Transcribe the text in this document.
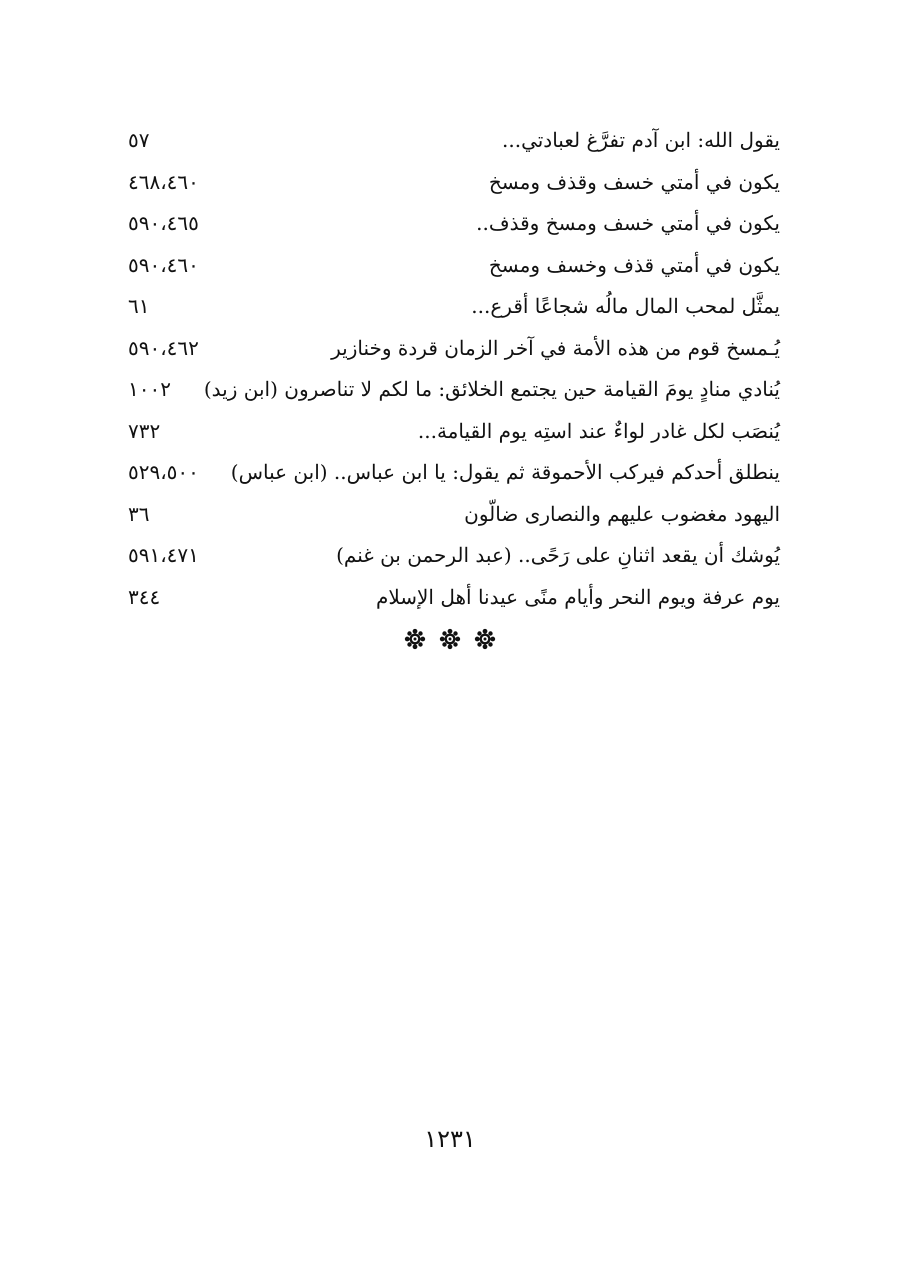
يقول الله: ابن آدم تفرَّغ لعبادتي...
٥٧
يكون في أمتي خسف وقذف ومسخ
٤٦٨،٤٦٠
يكون في أمتي خسف ومسخ وقذف..
٥٩٠،٤٦٥
يكون في أمتي قذف وخسف ومسخ
٥٩٠،٤٦٠
يمثَّل لمحب المال مالُه شجاعًا أقرع...
٦١
يُـمسخ قوم من هذه الأمة في آخر الزمان قردة وخنازير
٥٩٠،٤٦٢
يُنادي منادٍ يومَ القيامة حين يجتمع الخلائق: ما لكم لا تناصرون (ابن زيد)
١٠٠٢
يُنصَب لكل غادر لواءٌ عند استِه يوم القيامة...
٧٣٢
ينطلق أحدكم فيركب الأحموقة ثم يقول: يا ابن عباس.. (ابن عباس)
٥٢٩،٥٠٠
اليهود مغضوب عليهم والنصارى ضالّون
٣٦
يُوشك أن يقعد اثنانِ على رَحًى.. (عبد الرحمن بن غنم)
٥٩١،٤٧١
يوم عرفة ويوم النحر وأيام منًى عيدنا أهل الإسلام
٣٤٤

١٢٣١
